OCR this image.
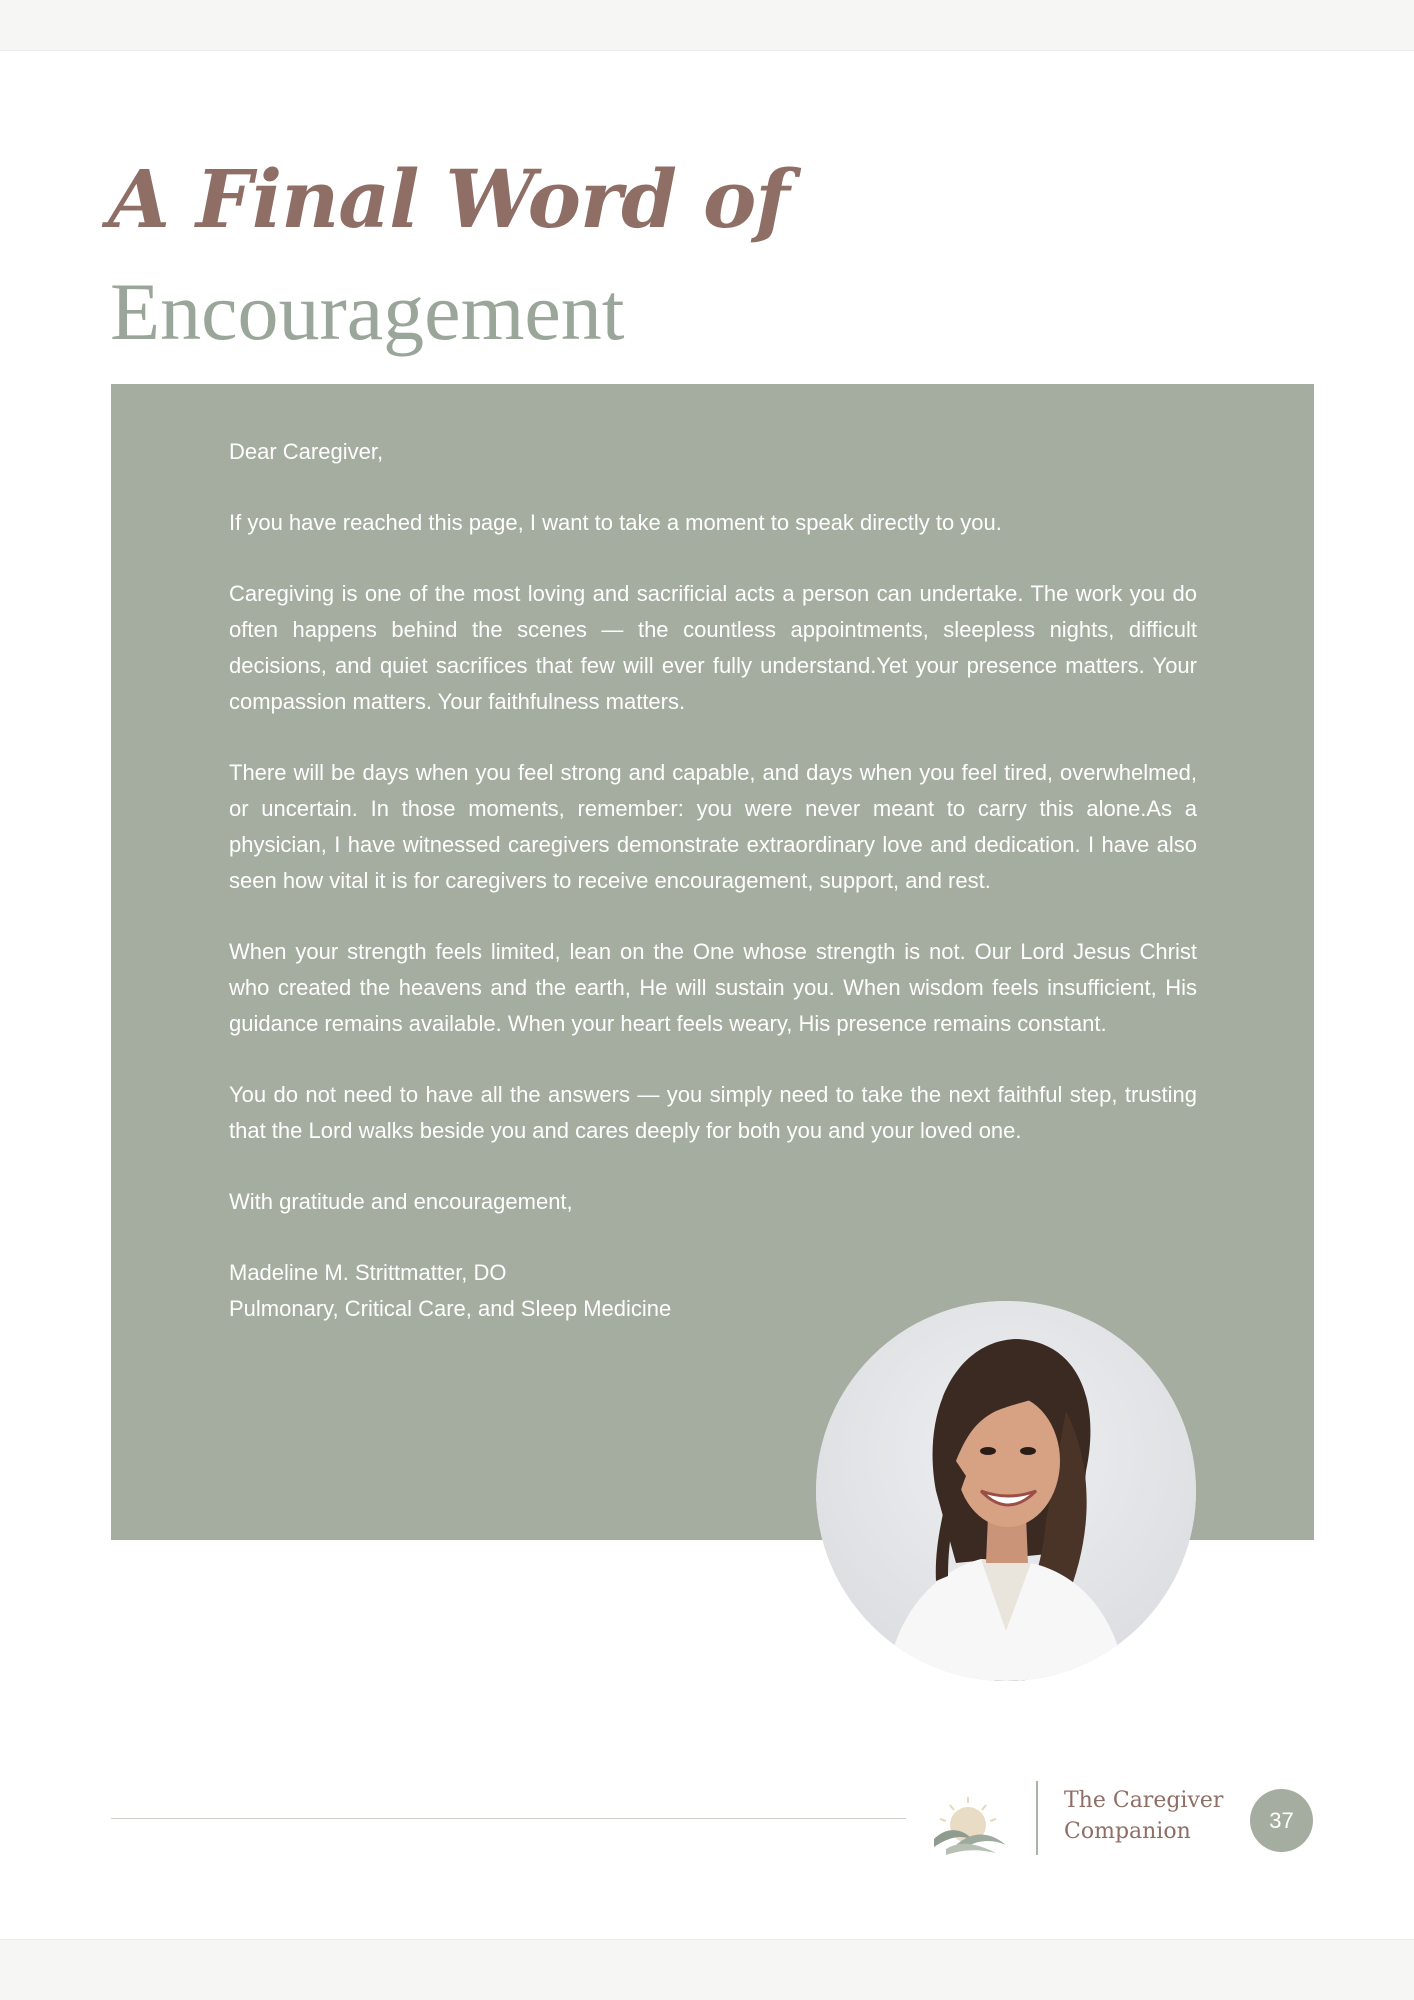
A Final Word of
Encouragement

Dear Caregiver,

If you have reached this page, I want to take a moment to speak directly to you.

Caregiving is one of the most loving and sacrificial acts a person can undertake. The work you do often happens behind the scenes — the countless appointments, sleepless nights, difficult decisions, and quiet sacrifices that few will ever fully understand.Yet your presence matters. Your compassion matters. Your faithfulness matters.

There will be days when you feel strong and capable, and days when you feel tired, overwhelmed, or uncertain. In those moments, remember: you were never meant to carry this alone.As a physician, I have witnessed caregivers demonstrate extraordinary love and dedication. I have also seen how vital it is for caregivers to receive encouragement, support, and rest.

When your strength feels limited, lean on the One whose strength is not. Our Lord Jesus Christ who created the heavens and the earth, He will sustain you. When wisdom feels insufficient, His guidance remains available. When your heart feels weary, His presence remains constant.

You do not need to have all the answers — you simply need to take the next faithful step, trusting that the Lord walks beside you and cares deeply for both you and your loved one.

With gratitude and encouragement,

Madeline M. Strittmatter, DO

Pulmonary, Critical Care, and Sleep Medicine

The Caregiver
Companion	37
